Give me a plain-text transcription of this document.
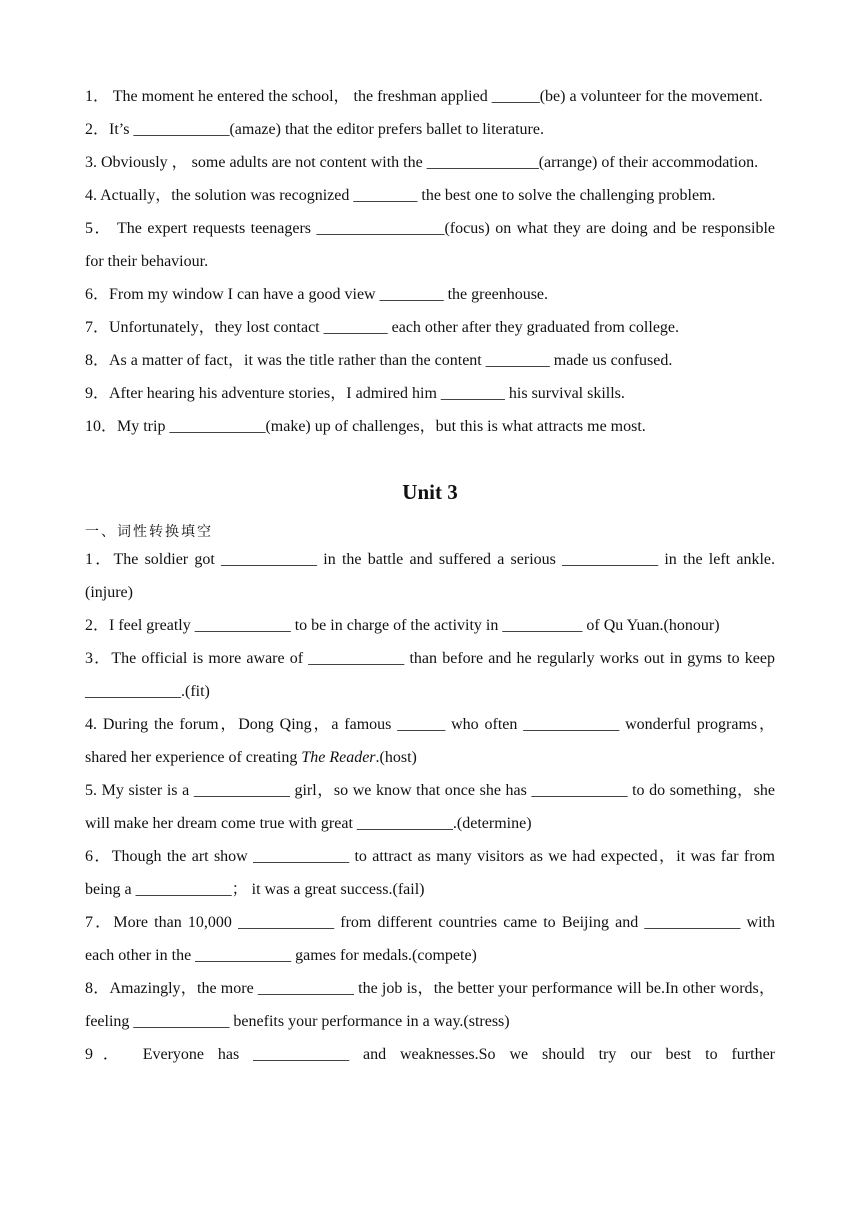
1． The moment he entered the school， the freshman applied ______(be) a volunteer for the movement.

2．It’s ____________(amaze) that the editor prefers ballet to literature.

3. Obviously ， some adults are not content with the ______________(arrange) of their accommodation.

4. Actually，the solution was recognized ________ the best one to solve the challenging problem.

5． The expert requests teenagers ________________(focus) on what they are doing and be responsible for their behaviour.

6．From my window I can have a good view ________ the greenhouse.

7．Unfortunately，they lost contact ________ each other after they graduated from college.

8．As a matter of fact，it was the title rather than the content ________ made us confused.

9．After hearing his adventure stories，I admired him ________ his survival skills.

10．My trip ____________(make) up of challenges，but this is what attracts me most.

Unit 3

一、词性转换填空

1．The soldier got ____________ in the battle and suffered a serious ____________ in the left ankle.(injure)

2．I feel greatly ____________ to be in charge of the activity in __________ of Qu Yuan.(honour)

3．The official is more aware of ____________ than before and he regularly works out in gyms to keep ____________.(fit)

4. During the forum，Dong Qing，a famous ______ who often ____________ wonderful programs，shared her experience of creating The Reader.(host)

5. My sister is a ____________ girl，so we know that once she has ____________ to do something，she will make her dream come true with great ____________.(determine)

6．Though the art show ____________ to attract as many visitors as we had expected，it was far from being a ____________； it was a great success.(fail)

7．More than 10,000 ____________ from different countries came to Beijing and ____________ with each other in the ____________ games for medals.(compete)

8．Amazingly，the more ____________ the job is，the better your performance will be.In other words，feeling ____________ benefits your performance in a way.(stress)

9． Everyone has ____________ and weaknesses.So we should try our best to further
